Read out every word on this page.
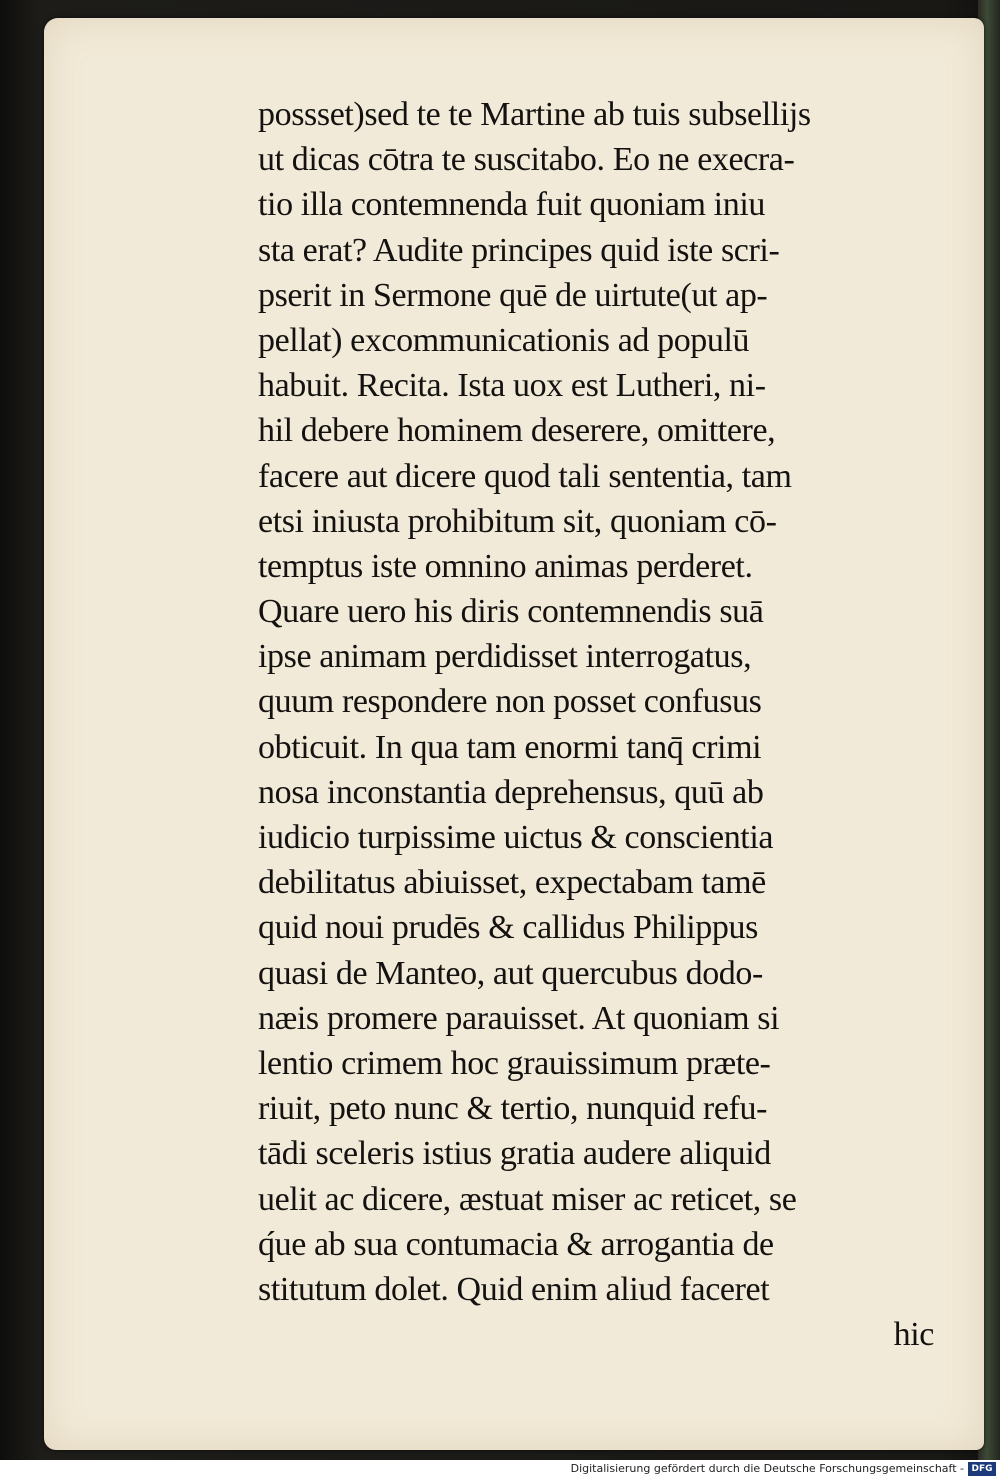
possset)sed te te Martine ab tuis subsellijs
ut dicas cōtra te suscitabo. Eo ne execra-
tio illa contemnenda fuit quoniam iniu
sta erat? Audite principes quid iste scri-
pserit in Sermone quē de uirtute(ut ap-
pellat) excommunicationis ad populū
habuit. Recita. Ista uox est Lutheri, ni-
hil debere hominem deserere, omittere,
facere aut dicere quod tali sententia, tam
etsi iniusta prohibitum sit, quoniam cō-
temptus iste omnino animas perderet.
Quare uero his diris contemnendis suā
ipse animam perdidisset interrogatus,
quum respondere non posset confusus
obticuit. In qua tam enormi tanq̄ crimi
nosa inconstantia deprehensus, quū ab
iudicio turpissime uictus & conscientia
debilitatus abiuisset, expectabam tamē
quid noui prudēs & callidus Philippus
quasi de Manteo, aut quercubus dodo-
næis promere parauisset. At quoniam si
lentio crimem hoc grauissimum præte-
riuit, peto nunc & tertio, nunquid refu-
tādi sceleris istius gratia audere aliquid
uelit ac dicere, æstuat miser ac reticet, se
q́ue ab sua contumacia & arrogantia de
stitutum dolet. Quid enim aliud faceret
hic
Digitalisierung gefördert durch die Deutsche Forschungsgemeinschaft - DFG
